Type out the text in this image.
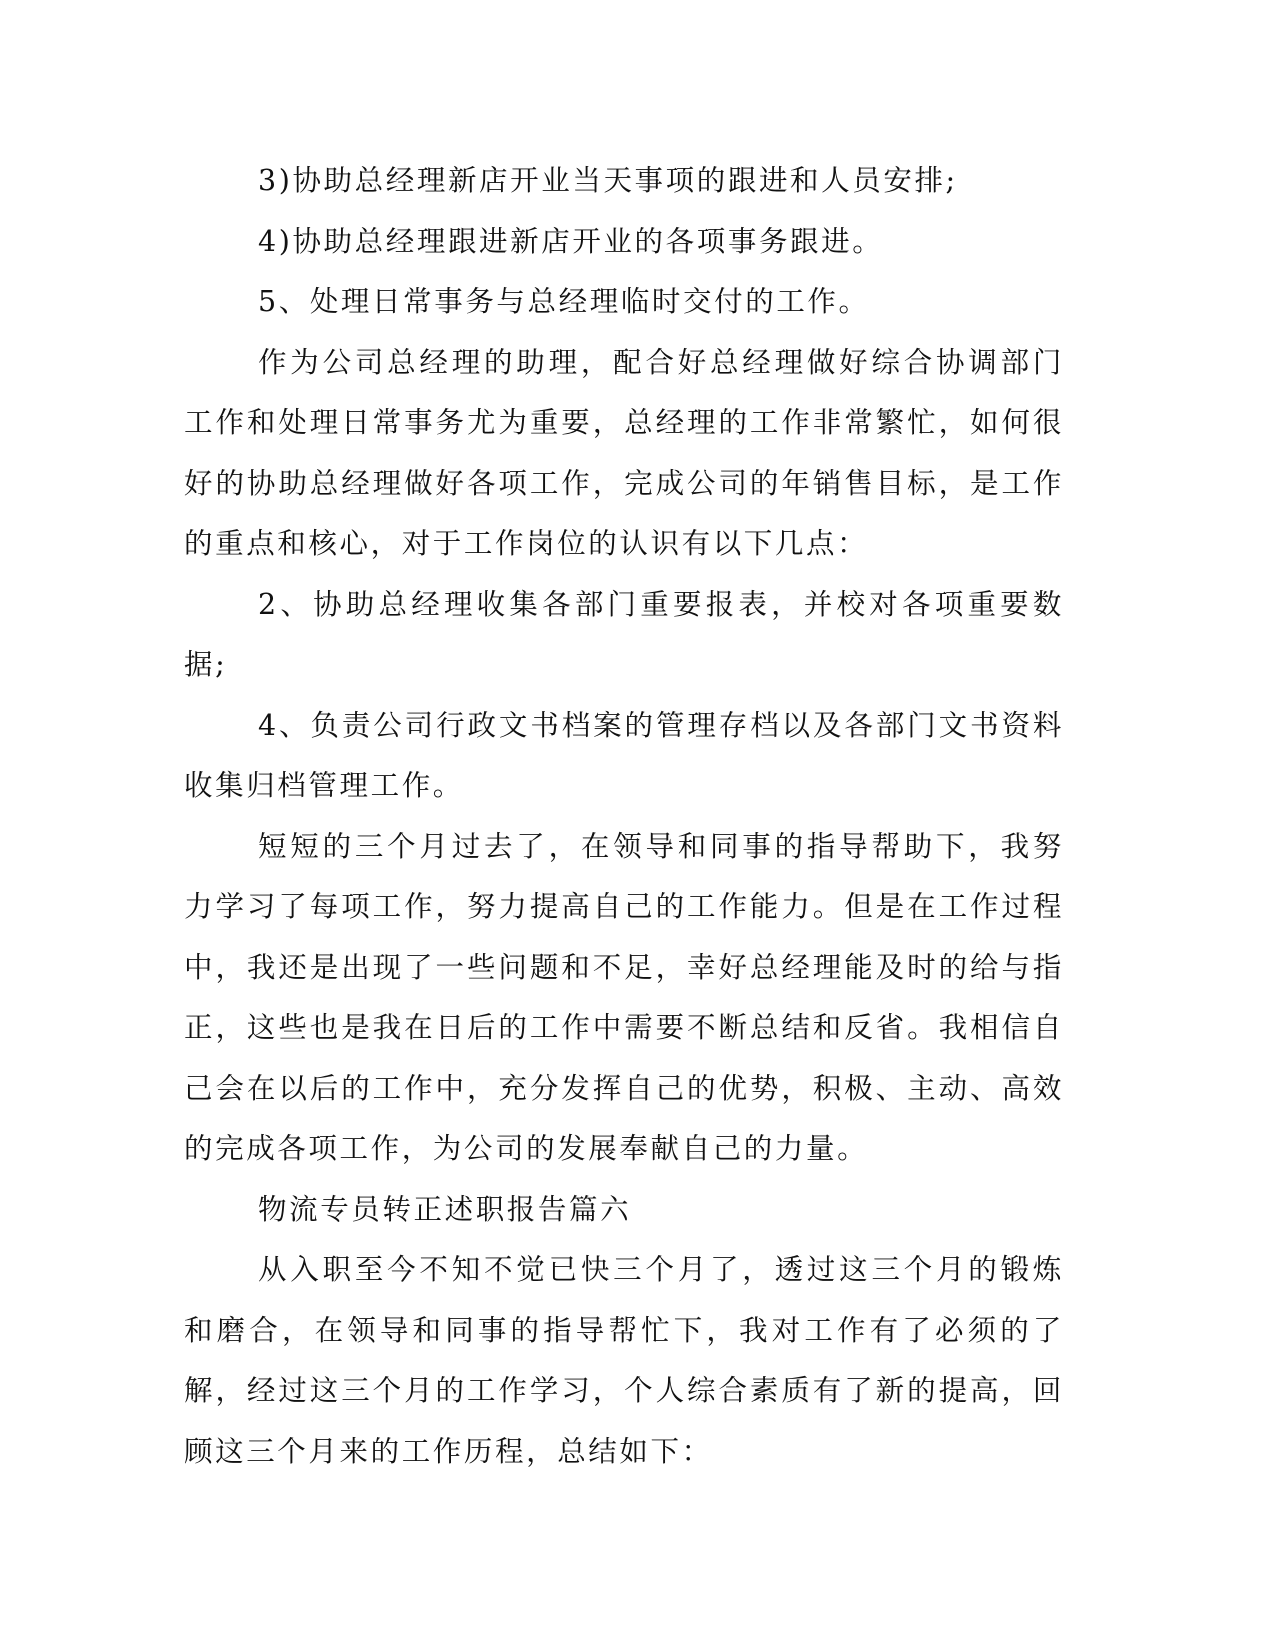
3)协助总经理新店开业当天事项的跟进和人员安排;

4)协助总经理跟进新店开业的各项事务跟进。

5、处理日常事务与总经理临时交付的工作。

作为公司总经理的助理，配合好总经理做好综合协调部门工作和处理日常事务尤为重要，总经理的工作非常繁忙，如何很好的协助总经理做好各项工作，完成公司的年销售目标，是工作的重点和核心，对于工作岗位的认识有以下几点：

2、协助总经理收集各部门重要报表，并校对各项重要数据;

4、负责公司行政文书档案的管理存档以及各部门文书资料收集归档管理工作。

短短的三个月过去了，在领导和同事的指导帮助下，我努力学习了每项工作，努力提高自己的工作能力。但是在工作过程中，我还是出现了一些问题和不足，幸好总经理能及时的给与指正，这些也是我在日后的工作中需要不断总结和反省。我相信自己会在以后的工作中，充分发挥自己的优势，积极、主动、高效的完成各项工作，为公司的发展奉献自己的力量。

物流专员转正述职报告篇六

从入职至今不知不觉已快三个月了，透过这三个月的锻炼和磨合，在领导和同事的指导帮忙下，我对工作有了必须的了解，经过这三个月的工作学习，个人综合素质有了新的提高，回顾这三个月来的工作历程，总结如下：
